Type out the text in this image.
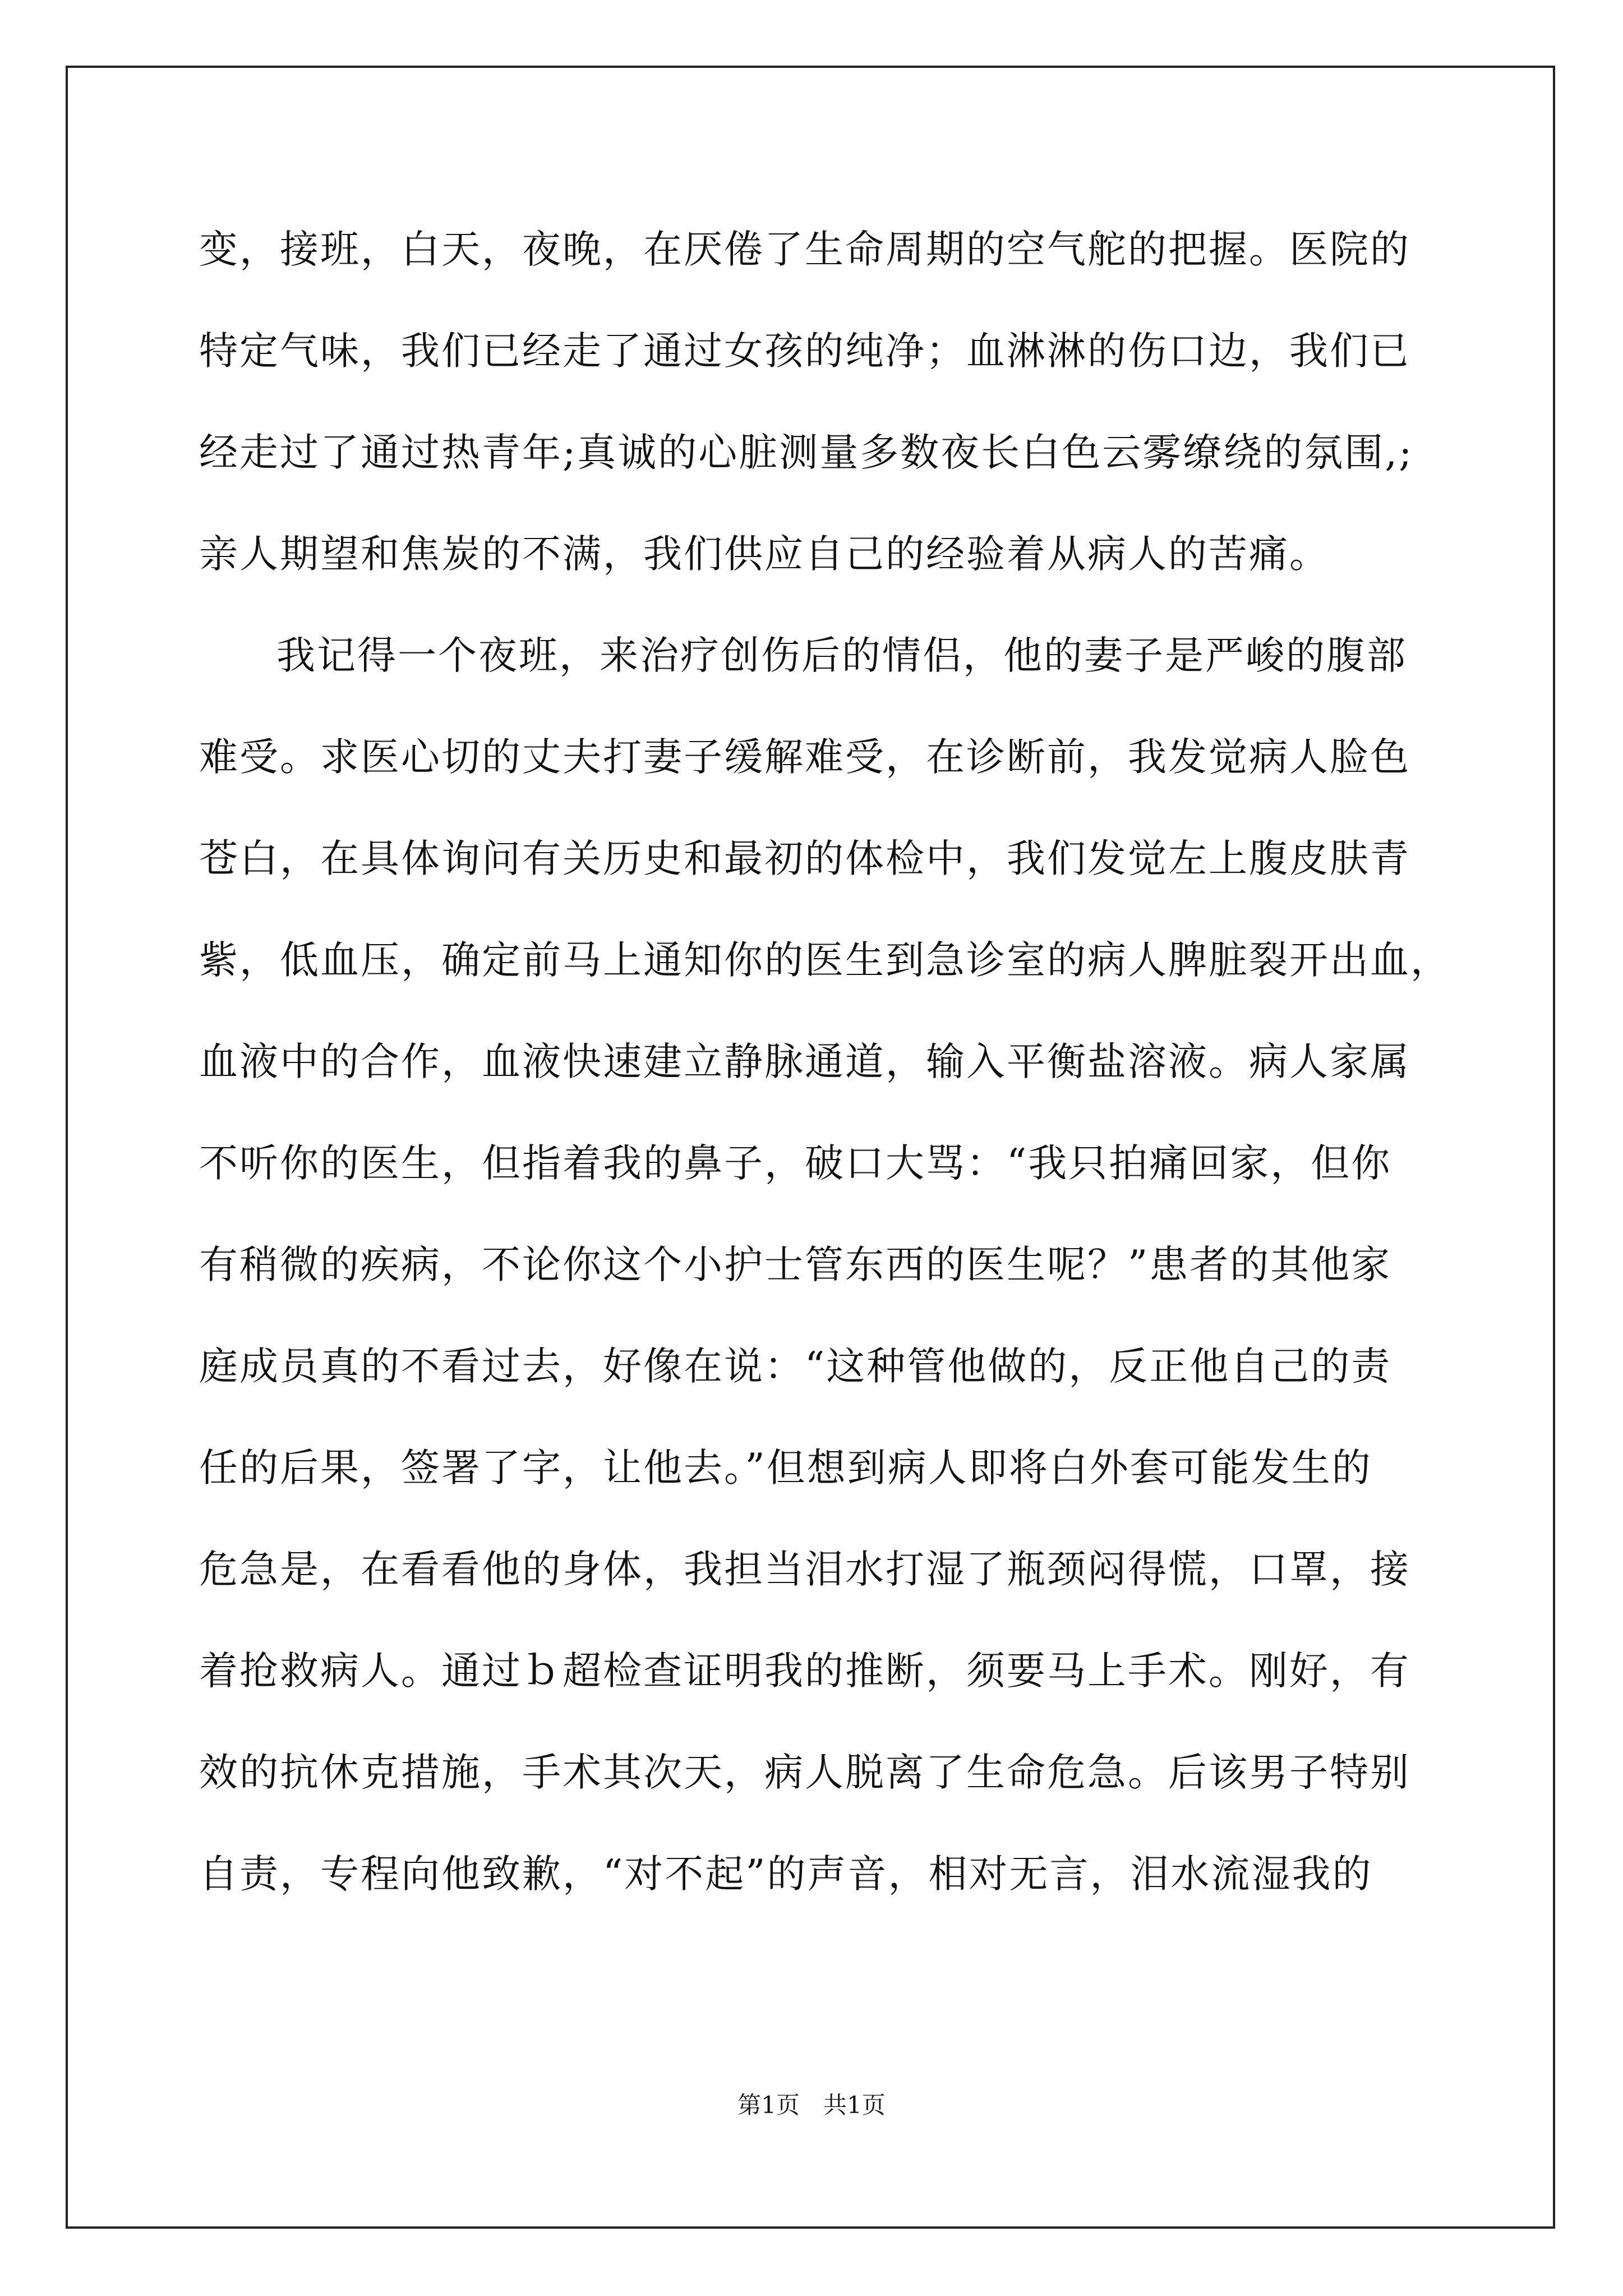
变，接班，白天，夜晚，在厌倦了生命周期的空气舵的把握。医院的
特定气味，我们已经走了通过女孩的纯净；血淋淋的伤口边，我们已
经走过了通过热青年;真诚的心脏测量多数夜长白色云雾缭绕的氛围,;
亲人期望和焦炭的不满，我们供应自己的经验着从病人的苦痛。
我记得一个夜班，来治疗创伤后的情侣，他的妻子是严峻的腹部
难受。求医心切的丈夫打妻子缓解难受，在诊断前，我发觉病人脸色
苍白，在具体询问有关历史和最初的体检中，我们发觉左上腹皮肤青
紫，低血压，确定前马上通知你的医生到急诊室的病人脾脏裂开出血，
血液中的合作，血液快速建立静脉通道，输入平衡盐溶液。病人家属
不听你的医生，但指着我的鼻子，破口大骂：“我只拍痛回家，但你
有稍微的疾病，不论你这个小护士管东西的医生呢？”患者的其他家
庭成员真的不看过去，好像在说：“这种管他做的，反正他自己的责
任的后果，签署了字，让他去。”但想到病人即将白外套可能发生的
危急是，在看看他的身体，我担当泪水打湿了瓶颈闷得慌，口罩，接
着抢救病人。通过ｂ超检查证明我的推断，须要马上手术。刚好，有
效的抗休克措施，手术其次天，病人脱离了生命危急。后该男子特别
自责，专程向他致歉，“对不起”的声音，相对无言，泪水流湿我的
第1页　共1页
